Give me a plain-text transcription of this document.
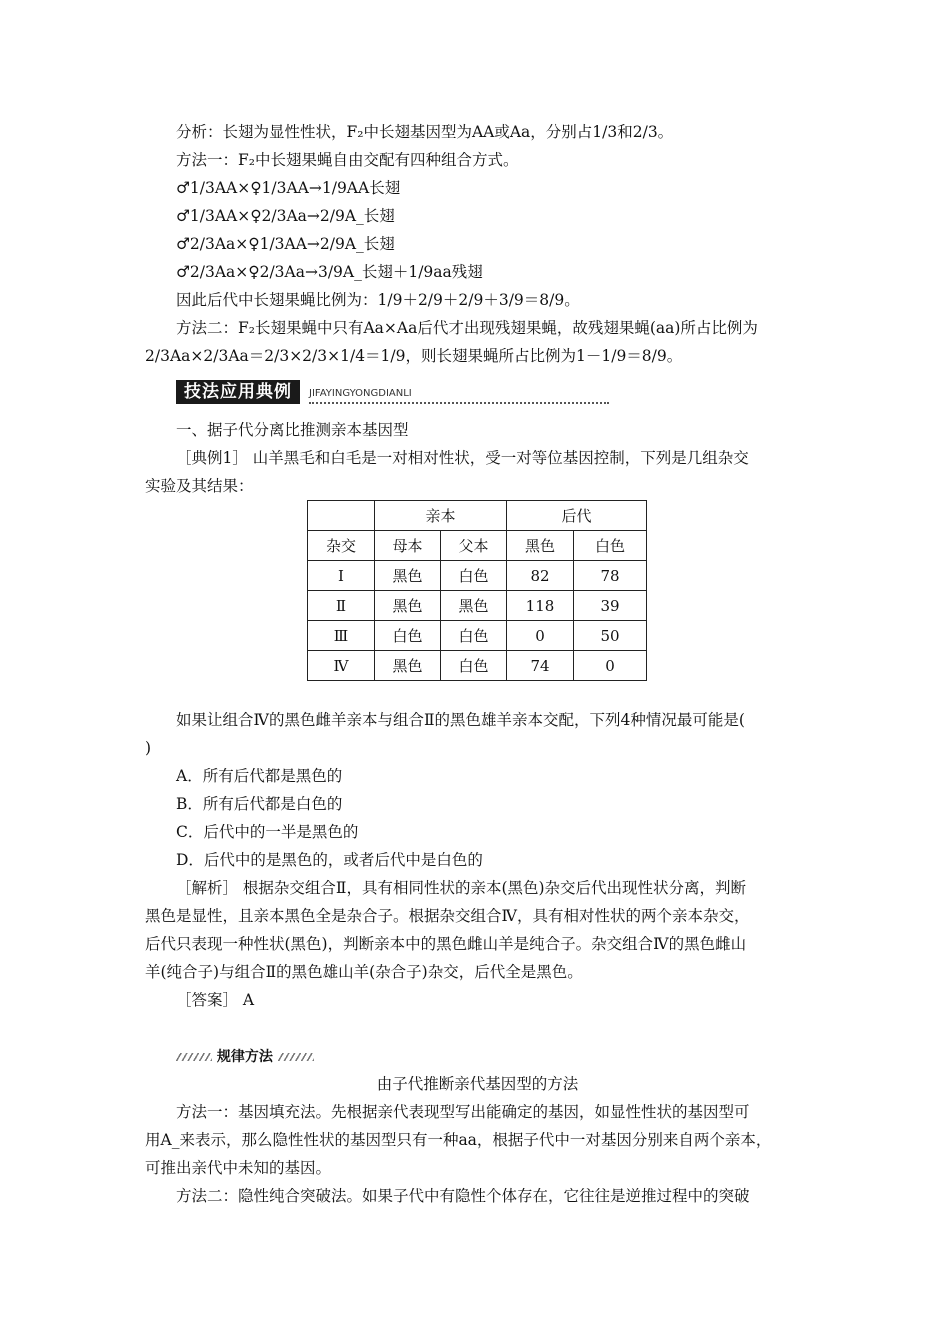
分析：长翅为显性性状，F₂中长翅基因型为AA或Aa，分别占1/3和2/3。
方法一：F₂中长翅果蝇自由交配有四种组合方式。
♂1/3AA×♀1/3AA→1/9AA长翅
♂1/3AA×♀2/3Aa→2/9A_长翅
♂2/3Aa×♀1/3AA→2/9A_长翅
♂2/3Aa×♀2/3Aa→3/9A_长翅＋1/9aa残翅
因此后代中长翅果蝇比例为：1/9＋2/9＋2/9＋3/9＝8/9。
方法二：F₂长翅果蝇中只有Aa×Aa后代才出现残翅果蝇，故残翅果蝇(aa)所占比例为
2/3Aa×2/3Aa＝2/3×2/3×1/4＝1/9，则长翅果蝇所占比例为1－1/9＝8/9。
技法应用典例	JIFAYINGYONGDIANLI
一、据子代分离比推测亲本基因型
［典例1］ 山羊黑毛和白毛是一对相对性状，受一对等位基因控制，下列是几组杂交
实验及其结果：
	亲本		后代	
杂交	母本	父本	黑色	白色
Ⅰ	黑色	白色	82	78
Ⅱ	黑色	黑色	118	39
Ⅲ	白色	白色	0	50
Ⅳ	黑色	白色	74	0
如果让组合Ⅳ的黑色雌羊亲本与组合Ⅱ的黑色雄羊亲本交配，下列4种情况最可能是(
)
A．所有后代都是黑色的
B．所有后代都是白色的
C．后代中的一半是黑色的
D．后代中的是黑色的，或者后代中是白色的
［解析］ 根据杂交组合Ⅱ，具有相同性状的亲本(黑色)杂交后代出现性状分离，判断
黑色是显性，且亲本黑色全是杂合子。根据杂交组合Ⅳ，具有相对性状的两个亲本杂交，
后代只表现一种性状(黑色)，判断亲本中的黑色雌山羊是纯合子。杂交组合Ⅳ的黑色雌山
羊(纯合子)与组合Ⅱ的黑色雄山羊(杂合子)杂交，后代全是黑色。
［答案］ A
规律方法
由子代推断亲代基因型的方法
方法一：基因填充法。先根据亲代表现型写出能确定的基因，如显性性状的基因型可
用A_来表示，那么隐性性状的基因型只有一种aa，根据子代中一对基因分别来自两个亲本，
可推出亲代中未知的基因。
方法二：隐性纯合突破法。如果子代中有隐性个体存在，它往往是逆推过程中的突破
